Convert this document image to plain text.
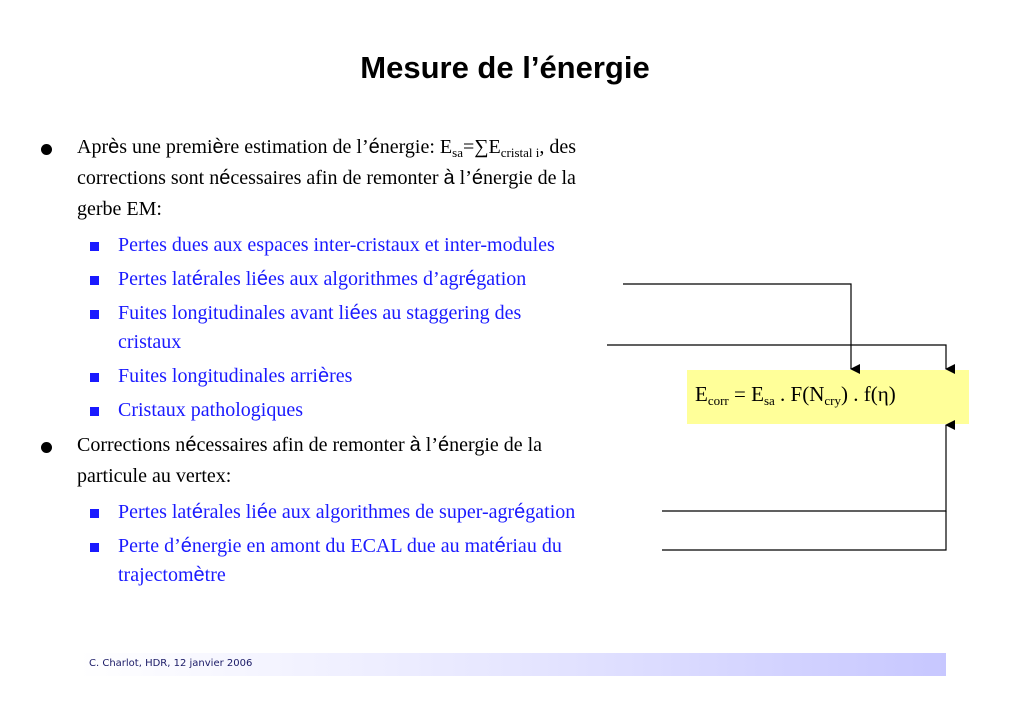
Mesure de l’énergie
Après une première estimation de l’énergie: $E_{sa}=\sum E_{cristal i}$, des
corrections sont nécessaires afin de remonter à l’énergie de la
gerbe EM:
Pertes dues aux espaces inter-cristaux et inter-modules
Pertes latérales liées aux algorithmes d’agrégation
Fuites longitudinales avant liées au staggering des
cristaux
Fuites longitudinales arrières
Cristaux pathologiques
Corrections nécessaires afin de remonter à l’énergie de la
particule au vertex:
Pertes latérales liée aux algorithmes de super-agrégation
Perte d’énergie en amont du ECAL due au matériau du
trajectomètre
$E_{corr} = E_{sa}$ . $F(N_{cry})$ . f(η)
C. Charlot, HDR, 12 janvier 2006
